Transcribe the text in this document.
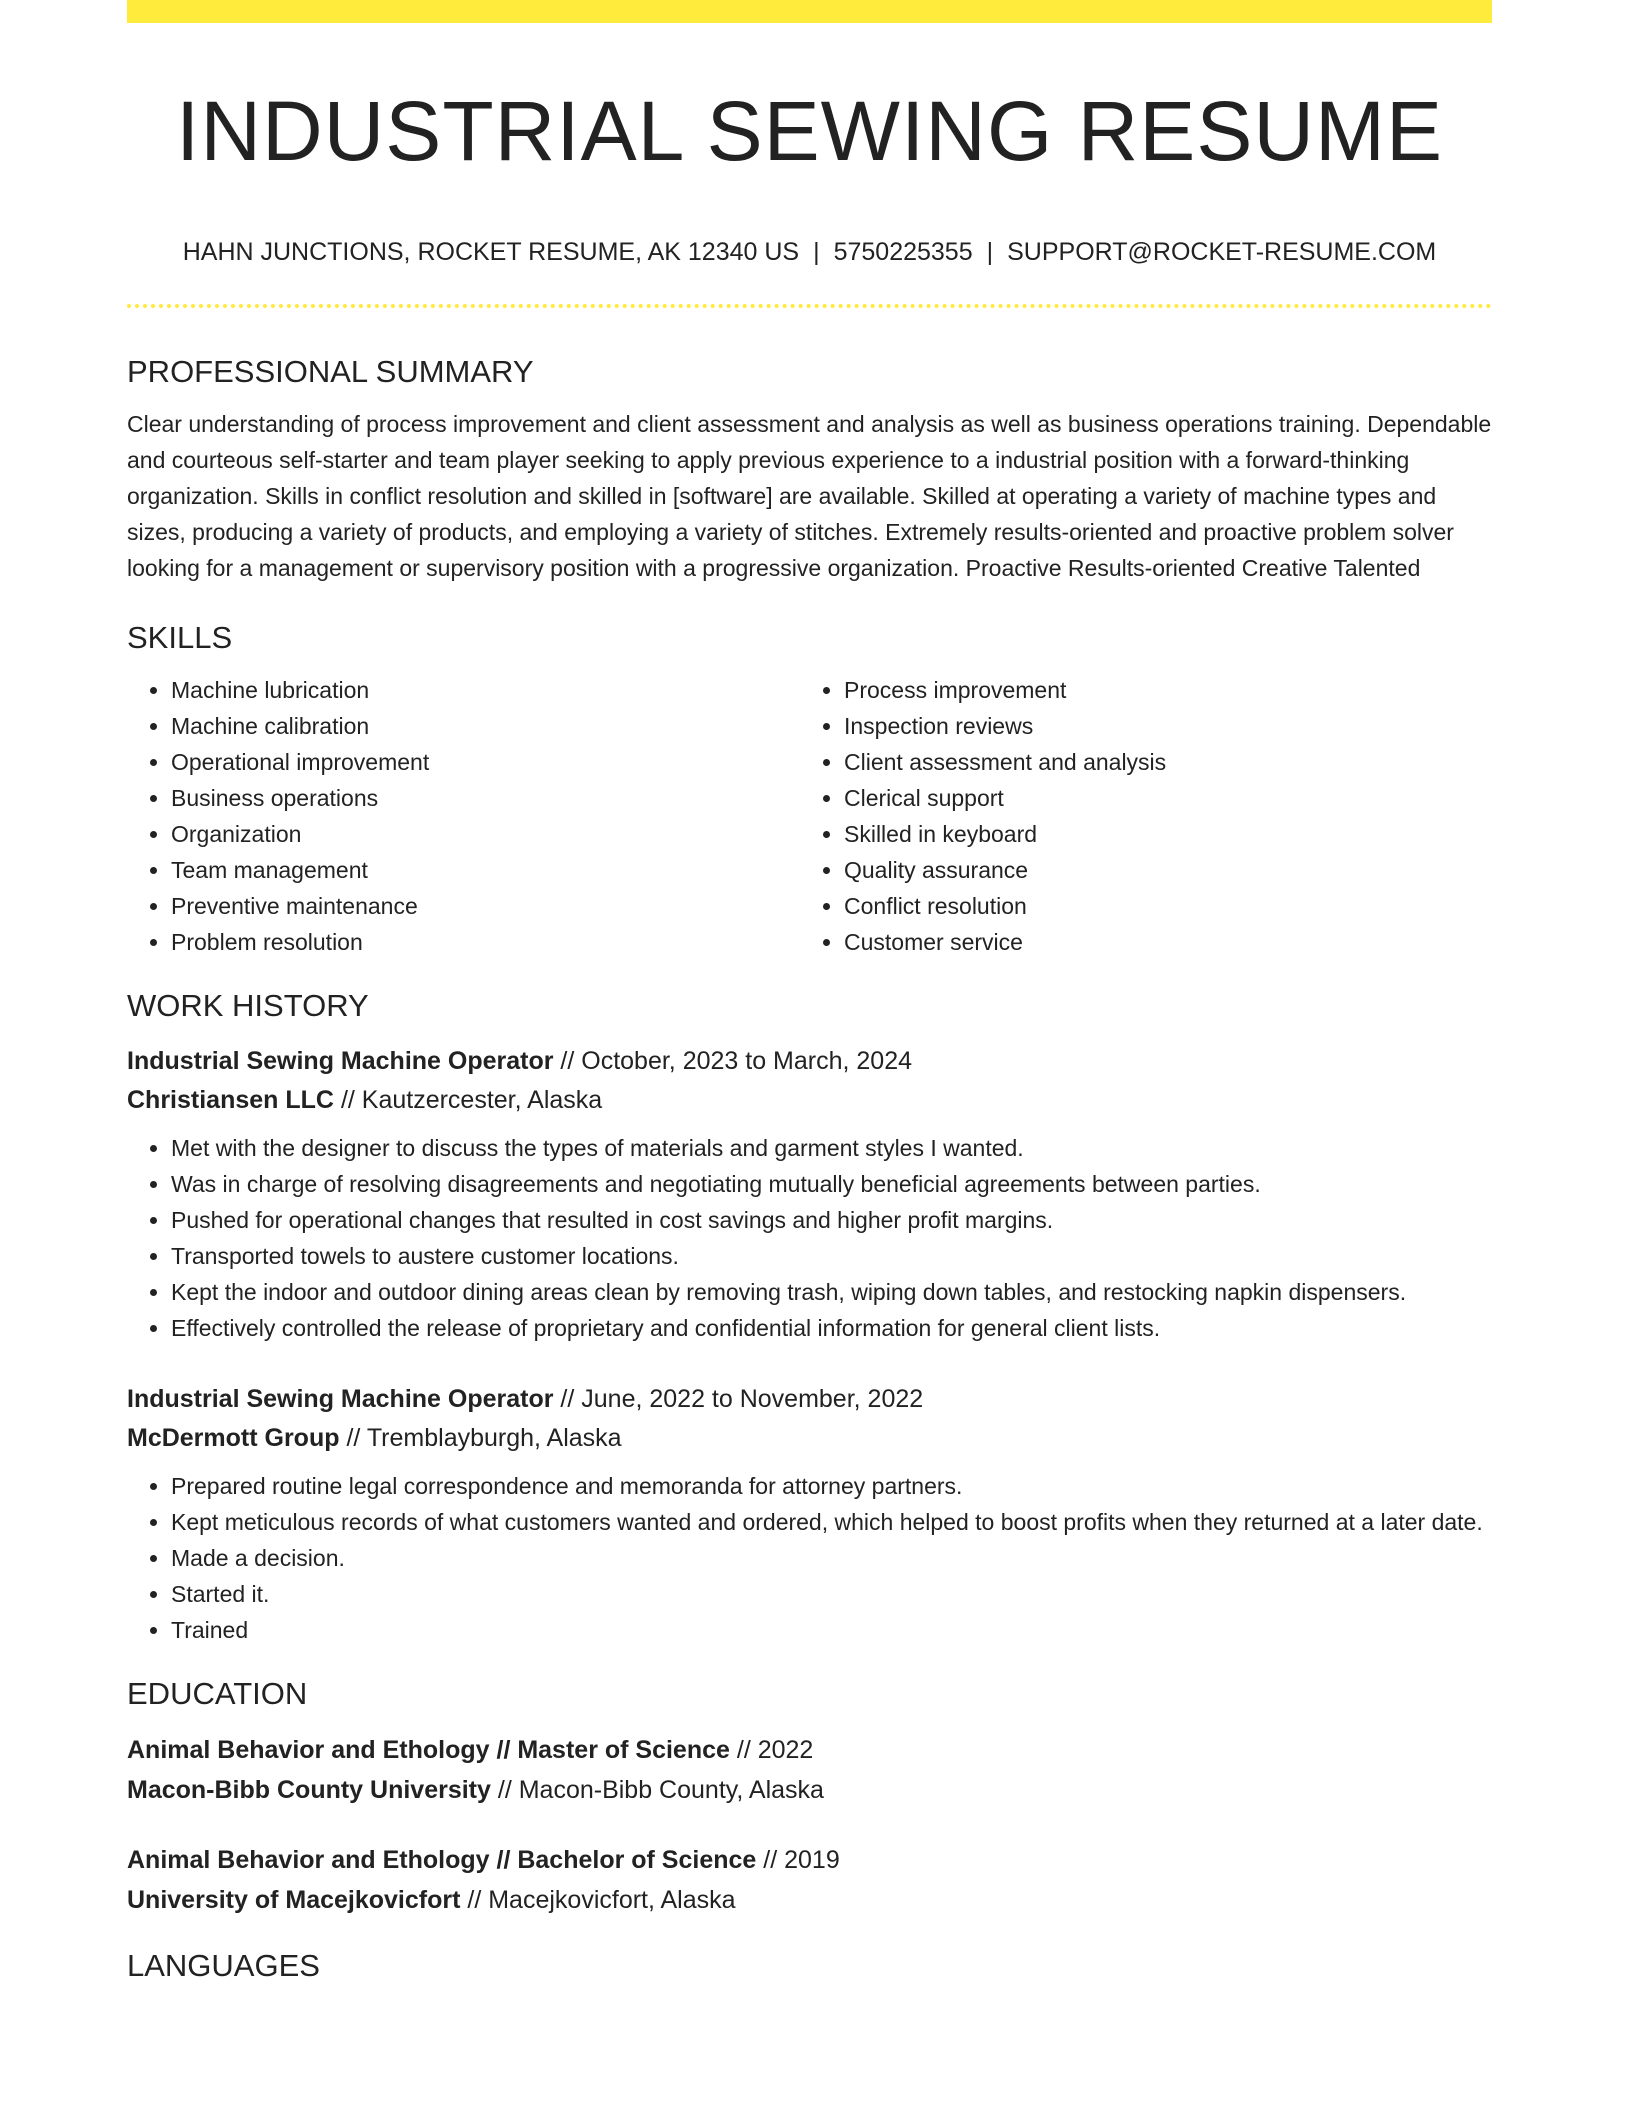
INDUSTRIAL SEWING RESUME
HAHN JUNCTIONS, ROCKET RESUME, AK 12340 US | 5750225355 | SUPPORT@ROCKET-RESUME.COM
PROFESSIONAL SUMMARY

Clear understanding of process improvement and client assessment and analysis as well as business operations training. Dependable and courteous self-starter and team player seeking to apply previous experience to a industrial position with a forward-thinking organization. Skills in conflict resolution and skilled in [software] are available. Skilled at operating a variety of machine types and sizes, producing a variety of products, and employing a variety of stitches. Extremely results-oriented and proactive problem solver looking for a management or supervisory position with a progressive organization. Proactive Results-oriented Creative Talented

SKILLS
• Machine lubrication
• Machine calibration
• Operational improvement
• Business operations
• Organization
• Team management
• Preventive maintenance
• Problem resolution
• Process improvement
• Inspection reviews
• Client assessment and analysis
• Clerical support
• Skilled in keyboard
• Quality assurance
• Conflict resolution
• Customer service
WORK HISTORY
Industrial Sewing Machine Operator // October, 2023 to March, 2024
Christiansen LLC // Kautzercester, Alaska
• Met with the designer to discuss the types of materials and garment styles I wanted.
• Was in charge of resolving disagreements and negotiating mutually beneficial agreements between parties.
• Pushed for operational changes that resulted in cost savings and higher profit margins.
• Transported towels to austere customer locations.
• Kept the indoor and outdoor dining areas clean by removing trash, wiping down tables, and restocking napkin dispensers.
• Effectively controlled the release of proprietary and confidential information for general client lists.
Industrial Sewing Machine Operator // June, 2022 to November, 2022
McDermott Group // Tremblayburgh, Alaska
• Prepared routine legal correspondence and memoranda for attorney partners.
• Kept meticulous records of what customers wanted and ordered, which helped to boost profits when they returned at a later date.
• Made a decision.
• Started it.
• Trained
EDUCATION
Animal Behavior and Ethology // Master of Science // 2022
Macon-Bibb County University // Macon-Bibb County, Alaska
Animal Behavior and Ethology // Bachelor of Science // 2019
University of Macejkovicfort // Macejkovicfort, Alaska
LANGUAGES
